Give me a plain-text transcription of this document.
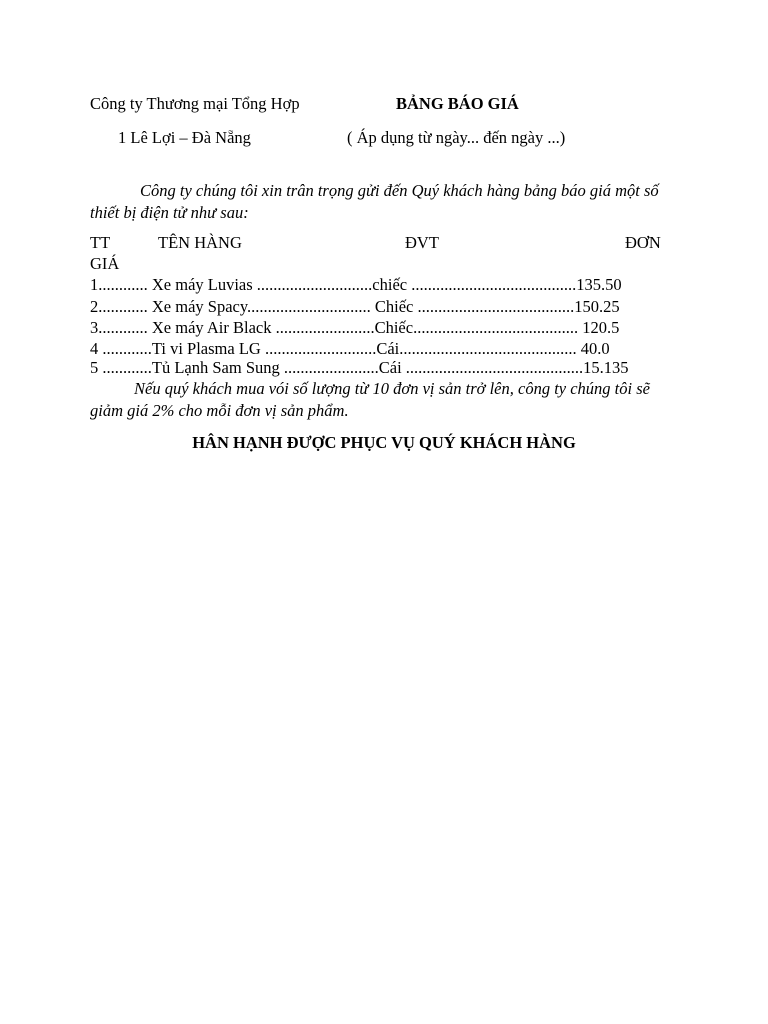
Công ty Thương mại Tổng Hợp	BẢNG BÁO GIÁ
1 Lê Lợi – Đà Nẵng	( Áp dụng từ ngày... đến ngày ...)
Công ty chúng tôi xin trân trọng gửi đến Quý khách hàng bảng báo giá một số thiết bị điện tử như sau:
TT	TÊN HÀNG	ĐVT	ĐƠN
GIÁ
1............ Xe máy Luvias ............................chiếc ........................................135.50
2............ Xe máy Spacy.............................. Chiếc ......................................150.25
3............ Xe máy Air Black ........................Chiếc........................................ 120.5
4 ............Ti vi Plasma LG ...........................Cái........................................... 40.0
5 ............Tủ Lạnh Sam Sung .......................Cái ...........................................15.135
Nếu quý khách mua vói số lượng từ 10 đơn vị sản trở lên, công ty chúng tôi sẽ giảm giá 2% cho mỗi đơn vị sản phẩm.
HÂN HẠNH ĐƯỢC PHỤC VỤ QUÝ KHÁCH HÀNG
